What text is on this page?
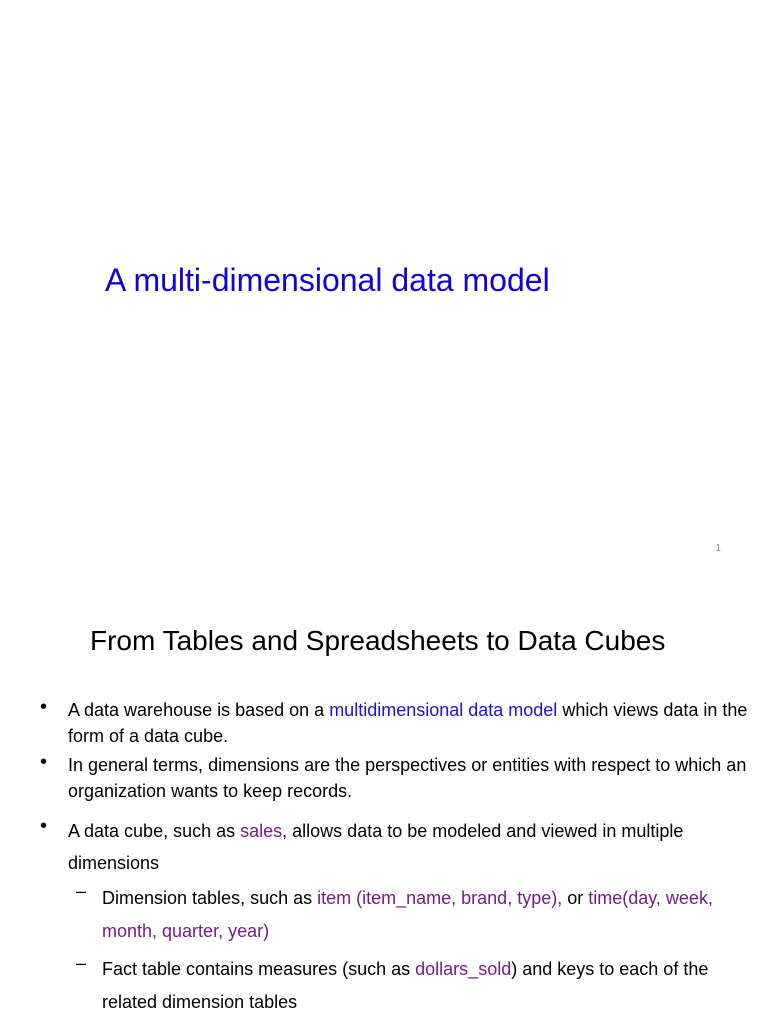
A multi-dimensional data model
1
From Tables and Spreadsheets to Data Cubes
• A data warehouse is based on a multidimensional data model which views data in the form of a data cube.
• In general terms, dimensions are the perspectives or entities with respect to which an organization wants to keep records.
• A data cube, such as sales, allows data to be modeled and viewed in multiple dimensions
– Dimension tables, such as item (item_name, brand, type), or time(day, week, month, quarter, year)
– Fact table contains measures (such as dollars_sold) and keys to each of the related dimension tables
